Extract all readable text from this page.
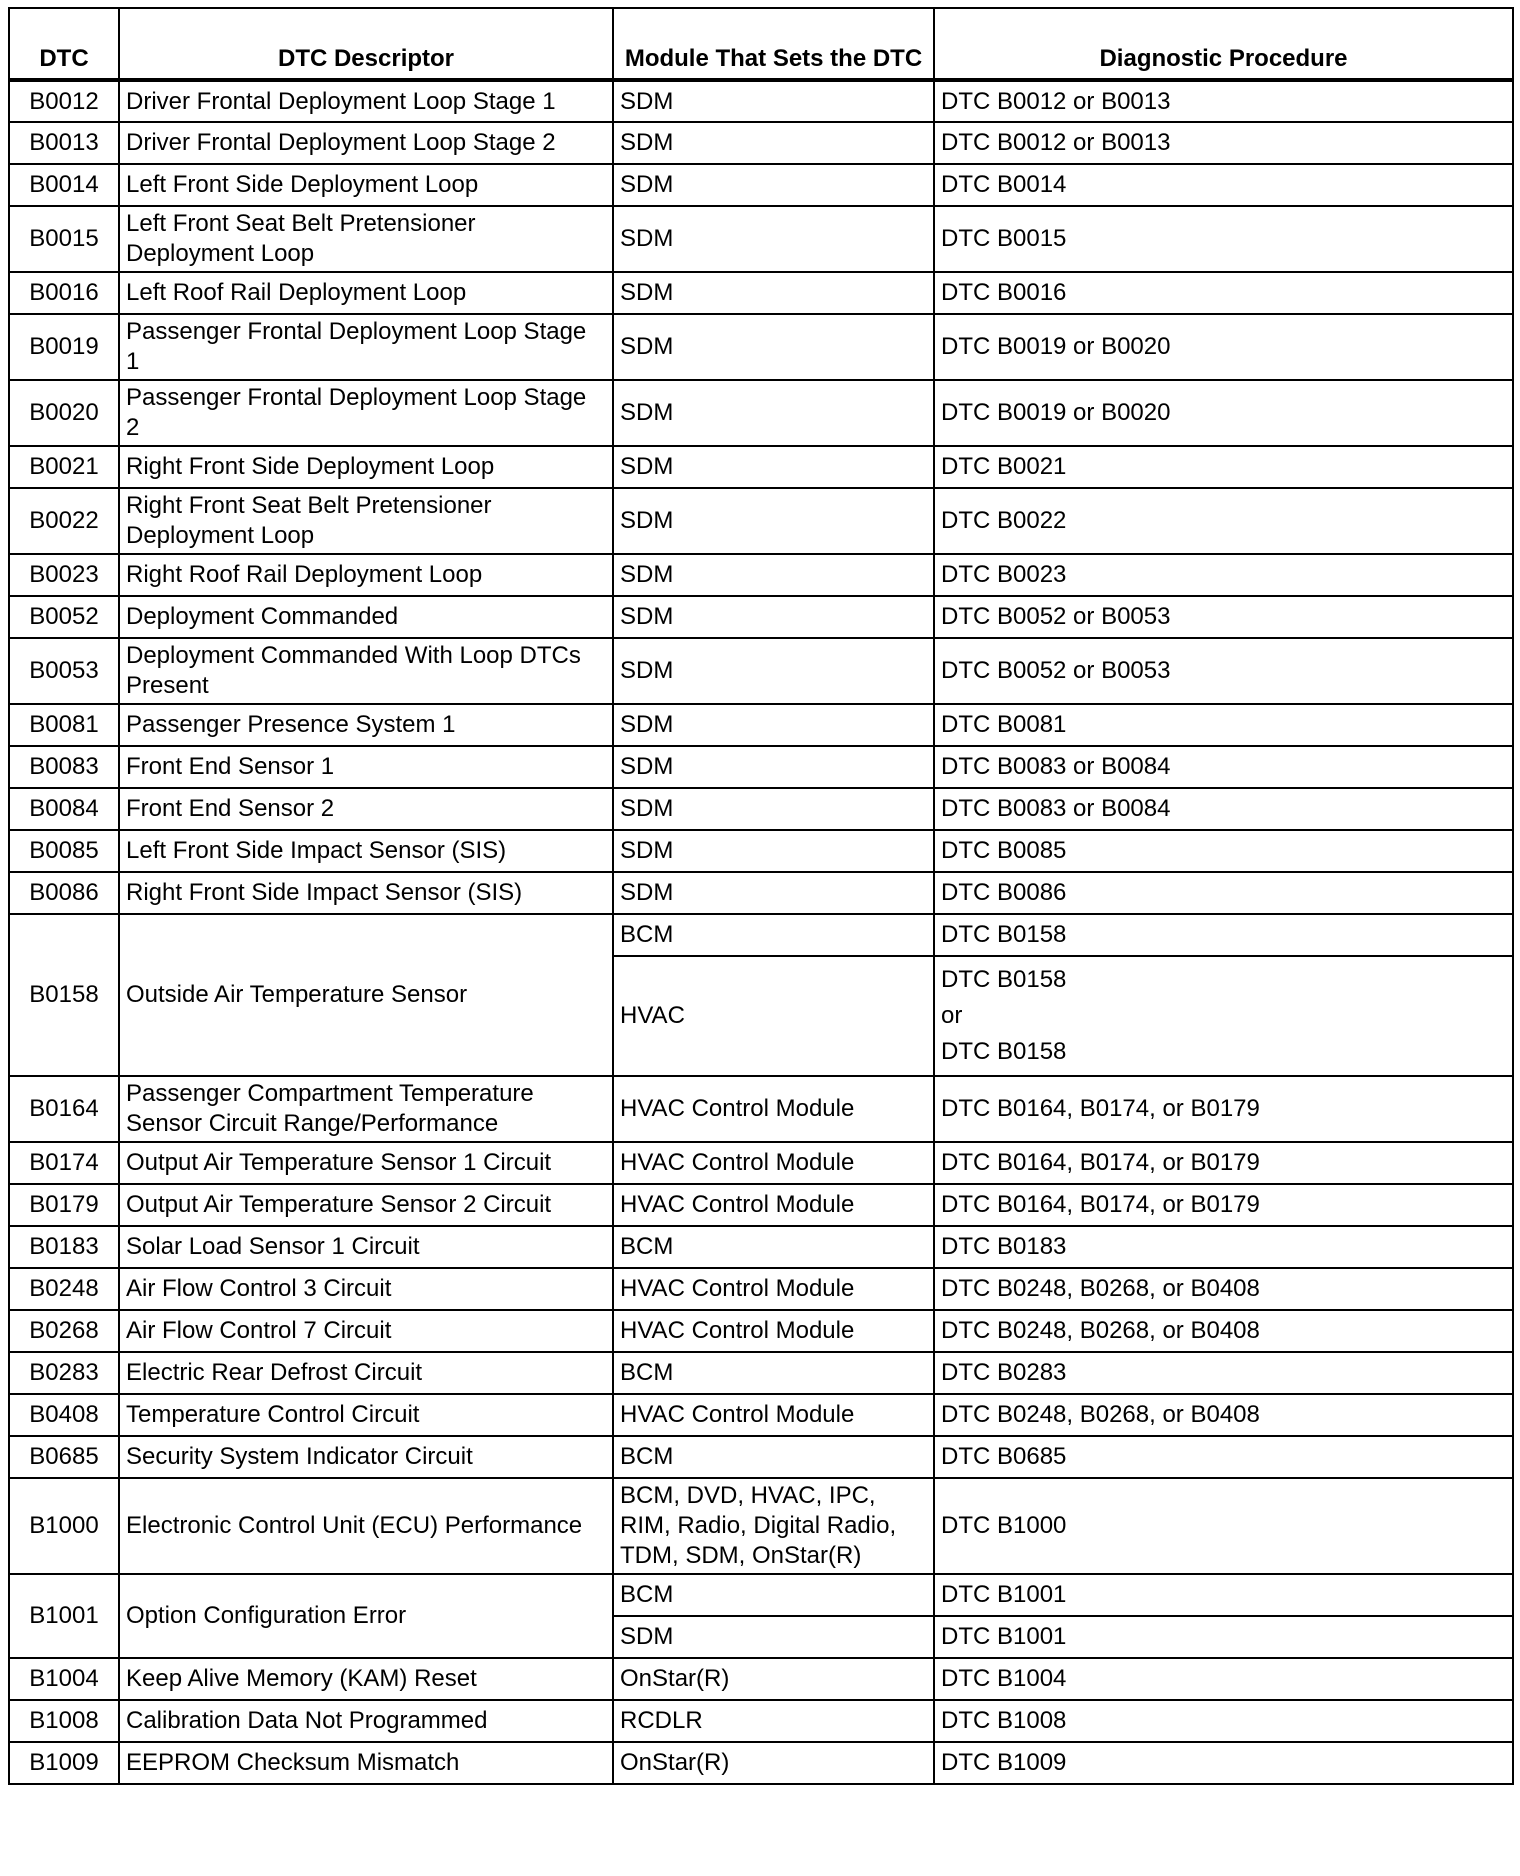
DTC	DTC Descriptor	Module That Sets the DTC	Diagnostic Procedure
B0012	Driver Frontal Deployment Loop Stage 1	SDM	DTC B0012 or B0013
B0013	Driver Frontal Deployment Loop Stage 2	SDM	DTC B0012 or B0013
B0014	Left Front Side Deployment Loop	SDM	DTC B0014
B0015	Left Front Seat Belt Pretensioner Deployment Loop	SDM	DTC B0015
B0016	Left Roof Rail Deployment Loop	SDM	DTC B0016
B0019	Passenger Frontal Deployment Loop Stage 1	SDM	DTC B0019 or B0020
B0020	Passenger Frontal Deployment Loop Stage 2	SDM	DTC B0019 or B0020
B0021	Right Front Side Deployment Loop	SDM	DTC B0021
B0022	Right Front Seat Belt Pretensioner Deployment Loop	SDM	DTC B0022
B0023	Right Roof Rail Deployment Loop	SDM	DTC B0023
B0052	Deployment Commanded	SDM	DTC B0052 or B0053
B0053	Deployment Commanded With Loop DTCs Present	SDM	DTC B0052 or B0053
B0081	Passenger Presence System 1	SDM	DTC B0081
B0083	Front End Sensor 1	SDM	DTC B0083 or B0084
B0084	Front End Sensor 2	SDM	DTC B0083 or B0084
B0085	Left Front Side Impact Sensor (SIS)	SDM	DTC B0085
B0086	Right Front Side Impact Sensor (SIS)	SDM	DTC B0086
B0158	Outside Air Temperature Sensor	BCM	DTC B0158
		HVAC	DTC B0158
or
DTC B0158

B0164	Passenger Compartment Temperature Sensor Circuit Range/Performance	HVAC Control Module	DTC B0164, B0174, or B0179
B0174	Output Air Temperature Sensor 1 Circuit	HVAC Control Module	DTC B0164, B0174, or B0179
B0179	Output Air Temperature Sensor 2 Circuit	HVAC Control Module	DTC B0164, B0174, or B0179
B0183	Solar Load Sensor 1 Circuit	BCM	DTC B0183
B0248	Air Flow Control 3 Circuit	HVAC Control Module	DTC B0248, B0268, or B0408
B0268	Air Flow Control 7 Circuit	HVAC Control Module	DTC B0248, B0268, or B0408
B0283	Electric Rear Defrost Circuit	BCM	DTC B0283
B0408	Temperature Control Circuit	HVAC Control Module	DTC B0248, B0268, or B0408
B0685	Security System Indicator Circuit	BCM	DTC B0685
B1000	Electronic Control Unit (ECU) Performance	BCM, DVD, HVAC, IPC, RIM, Radio, Digital Radio, TDM, SDM, OnStar(R)	DTC B1000
B1001	Option Configuration Error	BCM	DTC B1001
		SDM	DTC B1001
B1004	Keep Alive Memory (KAM) Reset	OnStar(R)	DTC B1004
B1008	Calibration Data Not Programmed	RCDLR	DTC B1008
B1009	EEPROM Checksum Mismatch	OnStar(R)	DTC B1009
